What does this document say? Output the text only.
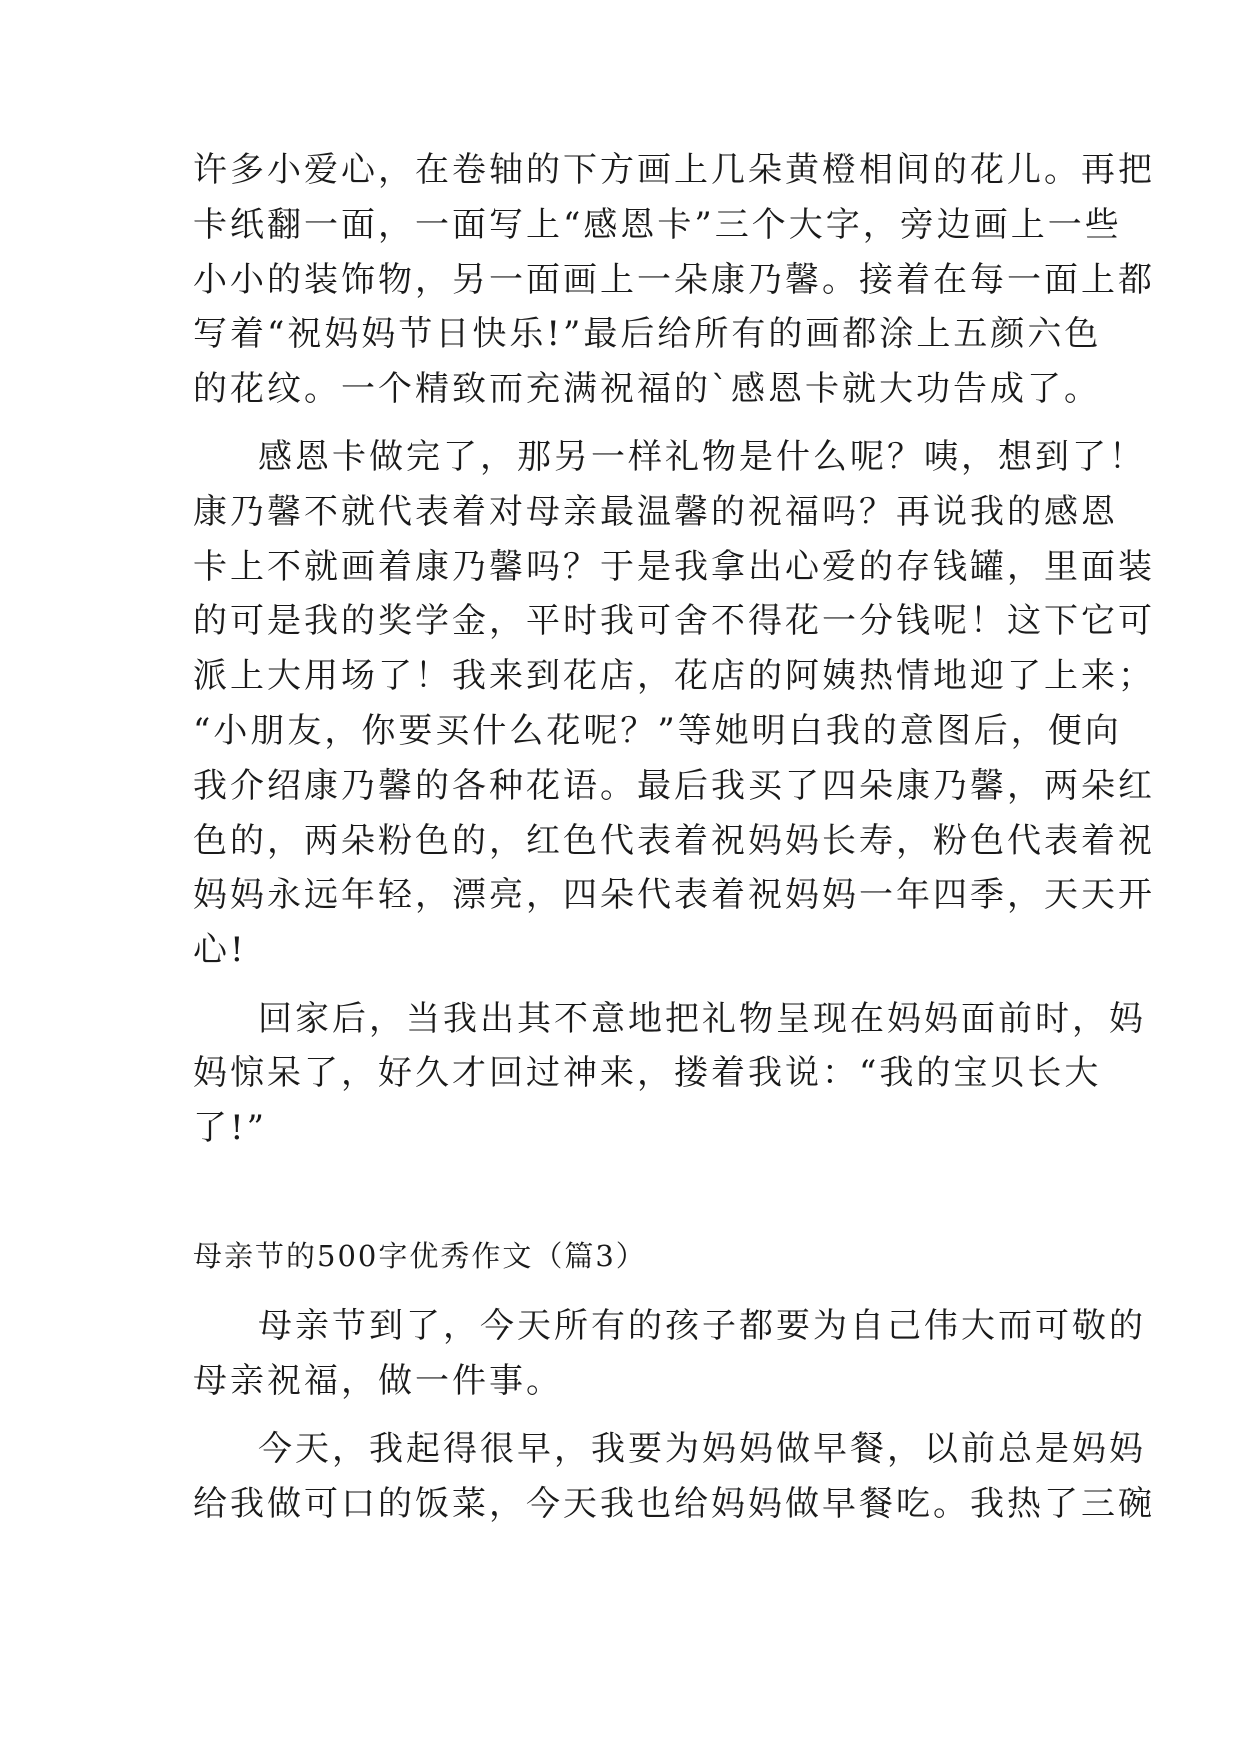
许多小爱心，在卷轴的下方画上几朵黄橙相间的花儿。再把

卡纸翻一面，一面写上“感恩卡”三个大字，旁边画上一些

小小的装饰物，另一面画上一朵康乃馨。接着在每一面上都

写着“祝妈妈节日快乐!”最后给所有的画都涂上五颜六色

的花纹。一个精致而充满祝福的`感恩卡就大功告成了。

感恩卡做完了，那另一样礼物是什么呢？咦，想到了！

康乃馨不就代表着对母亲最温馨的祝福吗？再说我的感恩

卡上不就画着康乃馨吗？于是我拿出心爱的存钱罐，里面装

的可是我的奖学金，平时我可舍不得花一分钱呢！这下它可

派上大用场了！我来到花店，花店的阿姨热情地迎了上来；

“小朋友，你要买什么花呢？”等她明白我的意图后，便向

我介绍康乃馨的各种花语。最后我买了四朵康乃馨，两朵红

色的，两朵粉色的，红色代表着祝妈妈长寿，粉色代表着祝

妈妈永远年轻，漂亮，四朵代表着祝妈妈一年四季，天天开

心!

回家后，当我出其不意地把礼物呈现在妈妈面前时，妈

妈惊呆了，好久才回过神来，搂着我说：“我的宝贝长大

了!”

母亲节的500字优秀作文（篇3）

母亲节到了，今天所有的孩子都要为自己伟大而可敬的

母亲祝福，做一件事。

今天，我起得很早，我要为妈妈做早餐，以前总是妈妈

给我做可口的饭菜，今天我也给妈妈做早餐吃。我热了三碗
